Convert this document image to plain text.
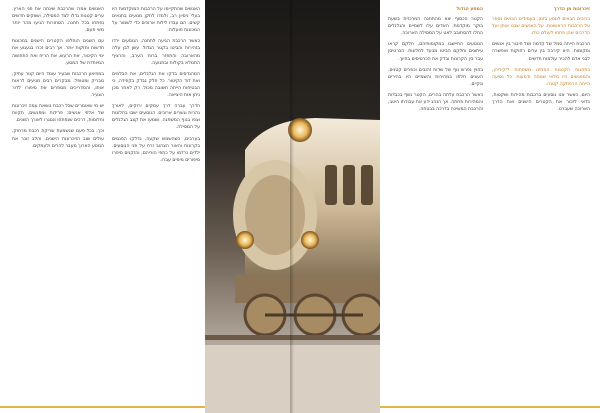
האנשים שהתקיימו על הרכבות המוקדמות היו בעלי ניסיון רב, ולמדו לתקן מנועים בתנאים קשים. הם עבדו לילות ארוכים כדי לשמור על המכונות פועלות.

כאשר הרכבת הגיעה לתחנה, הנוסעים ירדו בזהירות והביטו בקטר הגדול. עשן לבן עלה מהארובה והתפזר ברוח הערב, והרציף התמלא בקולות ובתנועה.

המהנדסים בדקו את הגלגלים, את הבלמים ואת דוד הקיטור. כל חלק נבדק בקפידה, כי הבטיחות הייתה חשובה מכול. רק לאחר מכן ניתן אות היציאה.

הדרך עברה דרך עמקים ירוקים, לאורך נהרות וגשרים ארוכים. הנוסעים ישבו בחלונות וצפו בנוף המשתנה, ושמעו את קצב הגלגלים על המסילה.

בערבים, כשהשמש שקעה, נדלקו הפנסים בקרונות והאור הצהוב זרח על פני הנוסעים. ילדים נרדמו על כתפי הוריהם, והזקנים סיפרו סיפורים מימים עברו.

האנשים אמרו שהרכבת שינתה את פני הארץ. ערים קטנות גדלו לצד המסילה, ושווקים חדשים נפתחו בכל תחנה. הסחורות הגיעו מהר יותר מאי פעם.

עם השנים הוחלפו הקטרים הישנים במכונות חדשות וחזקות יותר. אך רבים זכרו בגעגוע את ימי הקיטור, את הרעש, את הריח ואת התחושה המיוחדת של המסע.

במוזיאון הרכבות שבעיר עומד היום קטר עתיק, מבריק ומטופל. מבקרים רבים מגיעים לראות אותו, והמדריכים מספרים את סיפורו לדור הצעיר.

יש מי שאומרים שכל רכבת נושאת עמה זיכרונות של אלפי אנשים: פרידות ומפגשים, תקוות וחלומות, דרכים שנפתחו ונסגרו לאורך השנים.

וכך, בכל פעם שנשמעת שריקת רכבת מרחוק, עולים שוב הזיכרונות הישנים, והלב זוכר את המסע הארוך מעבר להרים ולעמקים.

המסע הגדול

הקטר הכסוף יצא מהתחנה המרכזית בשעת בוקר מוקדמת. האדים עלו לשמיים והגלגלים החלו להסתובב לאט על המסילה הארוכה.

הנוסעים התיישבו במקומותיהם, חלקם קראו עיתונים וחלקם הביטו מבעד לחלונות. הכרטיסן עבר בין הקרונות ובדק את הכרטיסים בחיוך.

בחוץ נפרש נוף של שדות זהובים וכפרים קטנים. העצים חלפו במהירות והשמיים היו בהירים ונקיים.

כאשר הרכבת עלתה בהרים, הקטר נשף בכבדות והמהירות פחתה. אך הנהג ידע את עבודתו היטב, והרכבת המשיכה בדרכה בבטחה.

זיכרונות מן הדרך

ברוכים הבאים למסע בזמן. בעמודים הבאים נספר על הרכבות הראשונות, על האנשים שבנו אותן ועל הדרכים שהן פתחו לעולם כולו.

הרכבת הייתה סמל של קדמה ושל חיבור בין אנשים ומקומות. היא קירבה בין ערים רחוקות ואפשרה לבני אדם להכיר עולמות חדשים.

בתחנות הקטנות המתינו משפחות ליקיריהן, והמפגשים היו מלאי שמחה ודמעות. כל נסיעה הייתה הרפתקה קטנה.

היום, כאשר אנו נוסעים ברכבות מהירות ושקטות, כדאי לזכור את הקטרים הישנים ואת הדרך הארוכה שעברנו.
